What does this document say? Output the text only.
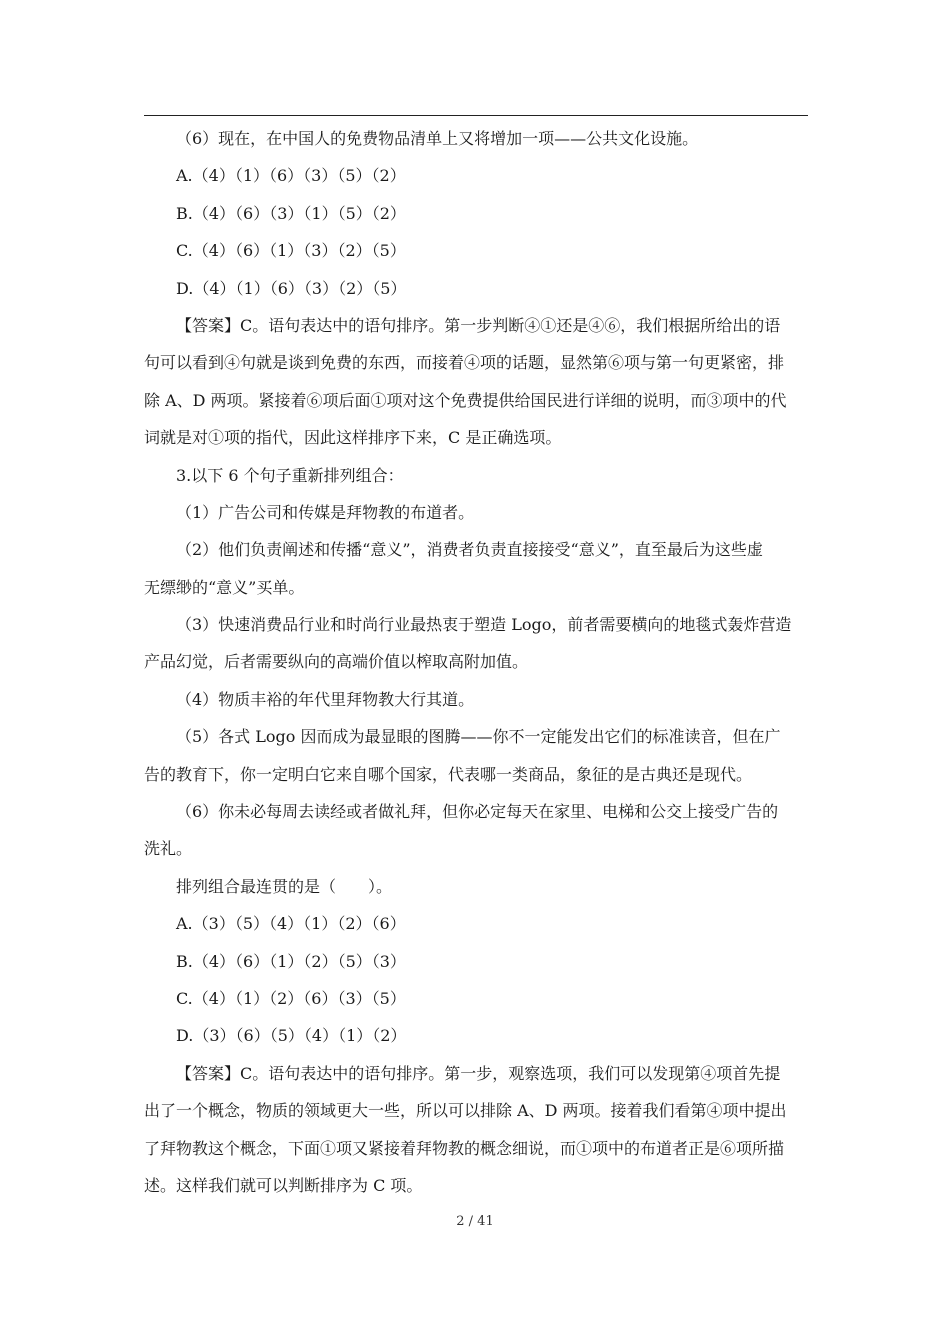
（6）现在，在中国人的免费物品清单上又将增加一项——公共文化设施。
A.（4）（1）（6）（3）（5）（2）
B.（4）（6）（3）（1）（5）（2）
C.（4）（6）（1）（3）（2）（5）
D.（4）（1）（6）（3）（2）（5）
【答案】C。语句表达中的语句排序。第一步判断④①还是④⑥，我们根据所给出的语
句可以看到④句就是谈到免费的东西，而接着④项的话题，显然第⑥项与第一句更紧密，排
除 A、D 两项。紧接着⑥项后面①项对这个免费提供给国民进行详细的说明，而③项中的代
词就是对①项的指代，因此这样排序下来，C 是正确选项。
3.以下 6 个句子重新排列组合：
（1）广告公司和传媒是拜物教的布道者。
（2）他们负责阐述和传播“意义”，消费者负责直接接受“意义”，直至最后为这些虚
无缥缈的“意义”买单。
（3）快速消费品行业和时尚行业最热衷于塑造 Logo，前者需要横向的地毯式轰炸营造
产品幻觉，后者需要纵向的高端价值以榨取高附加值。
（4）物质丰裕的年代里拜物教大行其道。
（5）各式 Logo 因而成为最显眼的图腾——你不一定能发出它们的标准读音，但在广
告的教育下，你一定明白它来自哪个国家，代表哪一类商品，象征的是古典还是现代。
（6）你未必每周去读经或者做礼拜，但你必定每天在家里、电梯和公交上接受广告的
洗礼。
排列组合最连贯的是（　　）。
A.（3）（5）（4）（1）（2）（6）
B.（4）（6）（1）（2）（5）（3）
C.（4）（1）（2）（6）（3）（5）
D.（3）（6）（5）（4）（1）（2）
【答案】C。语句表达中的语句排序。第一步，观察选项，我们可以发现第④项首先提
出了一个概念，物质的领域更大一些，所以可以排除 A、D 两项。接着我们看第④项中提出
了拜物教这个概念，下面①项又紧接着拜物教的概念细说，而①项中的布道者正是⑥项所描
述。这样我们就可以判断排序为 C 项。
2 / 41
